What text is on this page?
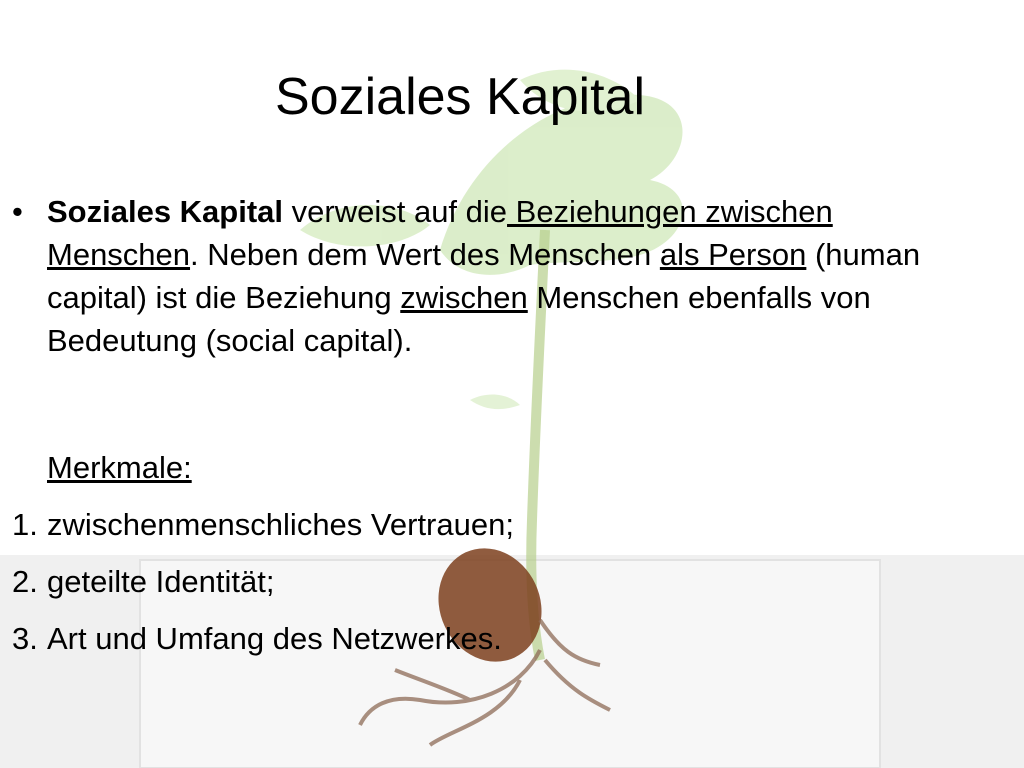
Soziales Kapital
• Soziales Kapital verweist auf die Beziehungen zwischen Menschen. Neben dem Wert des Menschen als Person (human capital) ist die Beziehung zwischen Menschen ebenfalls von Bedeutung (social capital).

Merkmale:
1. zwischenmenschliches Vertrauen;
2. geteilte Identität;
3. Art und Umfang des Netzwerkes.
